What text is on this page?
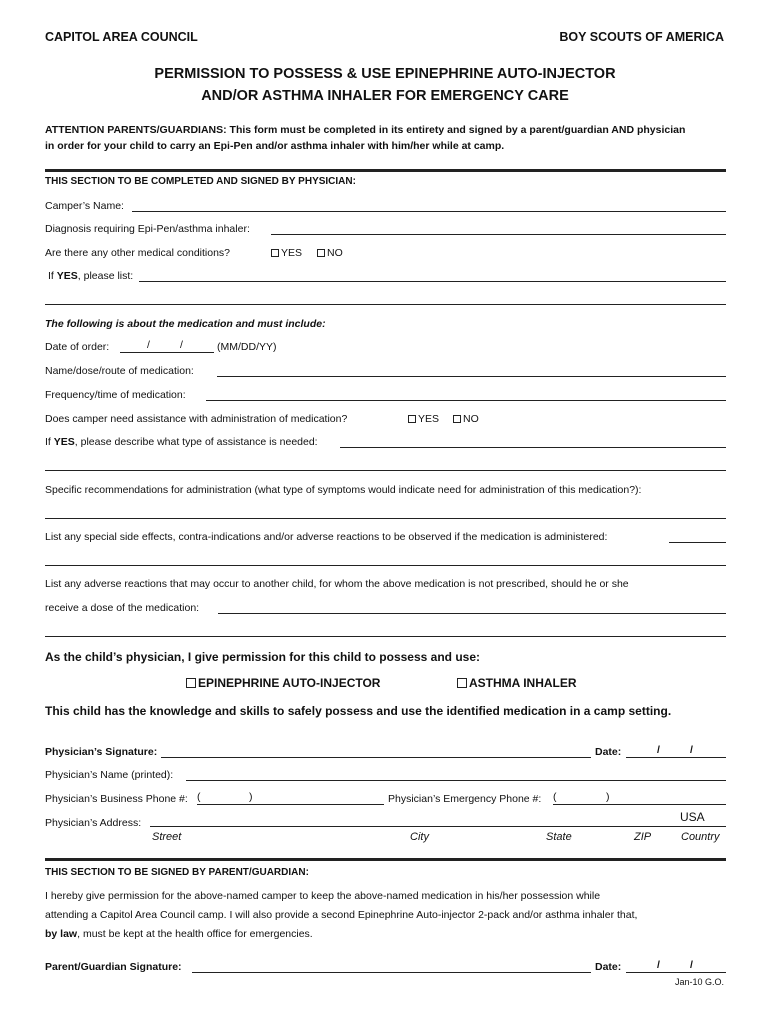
CAPITOL AREA COUNCIL	BOY SCOUTS OF AMERICA
PERMISSION TO POSSESS & USE EPINEPHRINE AUTO-INJECTOR
AND/OR ASTHMA INHALER FOR EMERGENCY CARE
ATTENTION PARENTS/GUARDIANS: This form must be completed in its entirety and signed by a parent/guardian AND physician
in order for your child to carry an Epi-Pen and/or asthma inhaler with him/her while at camp.
THIS SECTION TO BE COMPLETED AND SIGNED BY PHYSICIAN:
Camper’s Name:
Diagnosis requiring Epi-Pen/asthma inhaler:
Are there any other medical conditions?	YES	NO
If YES, please list:
The following is about the medication and must include:
Date of order:	/	/	(MM/DD/YY)
Name/dose/route of medication:
Frequency/time of medication:
Does camper need assistance with administration of medication?	YES	NO
If YES, please describe what type of assistance is needed:
Specific recommendations for administration (what type of symptoms would indicate need for administration of this medication?):
List any special side effects, contra-indications and/or adverse reactions to be observed if the medication is administered:
List any adverse reactions that may occur to another child, for whom the above medication is not prescribed, should he or she
receive a dose of the medication:
As the child’s physician, I give permission for this child to possess and use:
EPINEPHRINE AUTO-INJECTOR	ASTHMA INHALER
This child has the knowledge and skills to safely possess and use the identified medication in a camp setting.
Physician’s Signature:	Date:	/	/
Physician’s Name (printed):
Physician’s Business Phone #: (	)	Physician’s Emergency Phone #: (	)
Physician’s Address:	USA
Street	City	State	ZIP	Country
THIS SECTION TO BE SIGNED BY PARENT/GUARDIAN:
I hereby give permission for the above-named camper to keep the above-named medication in his/her possession while
attending a Capitol Area Council camp. I will also provide a second Epinephrine Auto-injector 2-pack and/or asthma inhaler that,
by law, must be kept at the health office for emergencies.
Parent/Guardian Signature:	Date:	/	/
Jan-10 G.O.
